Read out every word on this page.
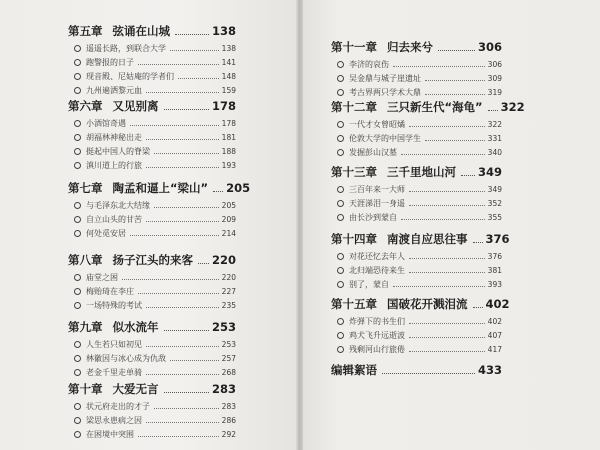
第五章 弦诵在山城	138
遥遥长路，到联合大学	138
跑警报的日子	141
现音殿、尼姑庵的学者们	148
九州遍洒黎元血	159
第六章 又见别离	178
小酒馆奇遇	178
胡福林神秘出走	181
挺起中国人的脊梁	188
滇川道上的行旅	193
第七章 陶孟和逼上“梁山” 205
与毛泽东北大结缘	205
自立山头的甘苦	209
何处觅安居	214
第八章 扬子江头的来客 220
庙堂之困	220
梅贻琦在李庄	227
一场特殊的考试	235
第九章 似水流年	253
人生若只如初见	253
林徽因与冰心成为仇敌	257
老金千里走单骑	268
第十章 大爱无言	283
状元府走出的才子	283
梁思永患病之因	286
在困境中突围	292
第十一章 归去来兮	306
李济的哀伤	306
吴金鼎与城子崖遗址	309
考古界两只学术大鼎	319
第十二章 三只新生代“海龟” 322
一代才女曾昭燏	322
伦敦大学的中国学生	331
发掘彭山汉墓	340
第十三章 三千里地山河 349
三百年来一大师	349
天涯涕泪一身遥	352
由长沙到蒙自	355
第十四章 南渡自应思往事 376
对花还忆去年人	376
北归端恐待来生	381
别了，蒙自	393
第十五章 国破花开溅泪流 402
炸弹下的书生们	402
鸡犬飞升远逝波	407
残剩河山行旅倦	417
编辑絮语	433
